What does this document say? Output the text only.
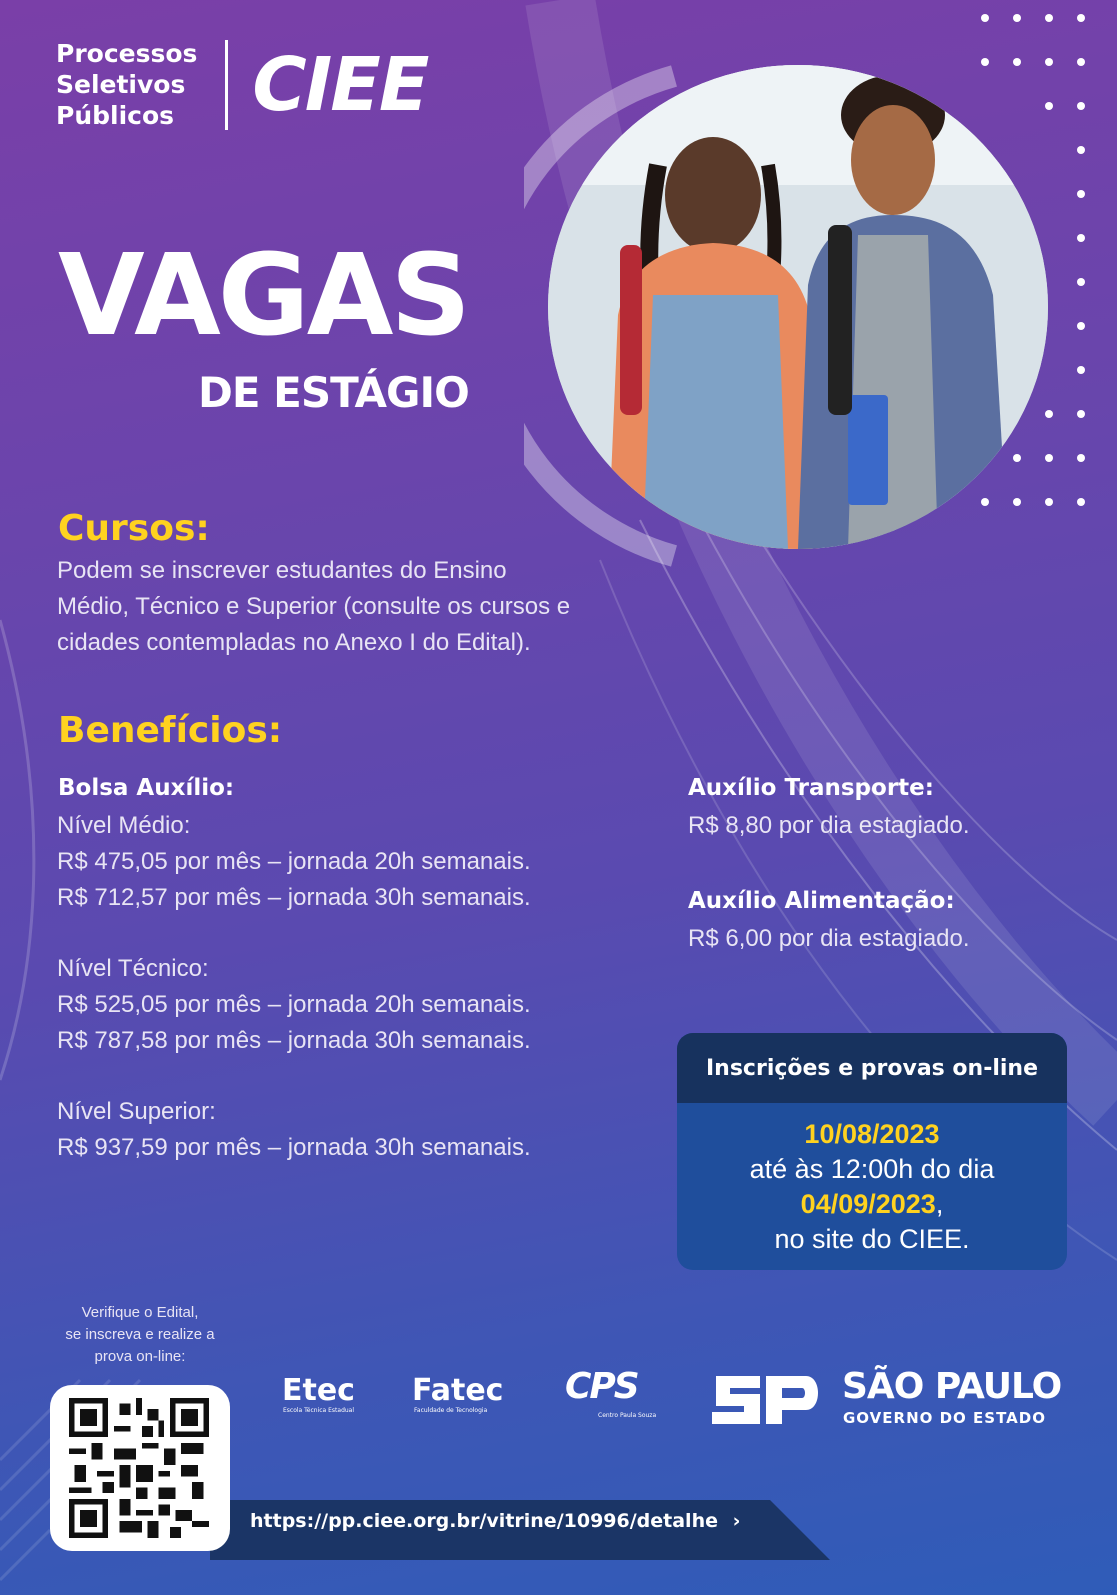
Processos
Seletivos
Públicos	CIEE
VAGAS
DE ESTÁGIO
Cursos:
Podem se inscrever estudantes do Ensino
Médio, Técnico e Superior (consulte os cursos e
cidades contempladas no Anexo I do Edital).
Benefícios:
Bolsa Auxílio:
Nível Médio:
R$ 475,05 por mês – jornada 20h semanais.
R$ 712,57 por mês – jornada 30h semanais.
Nível Técnico:
R$ 525,05 por mês – jornada 20h semanais.
R$ 787,58 por mês – jornada 30h semanais.
Nível Superior:
R$ 937,59 por mês – jornada 30h semanais.
Auxílio Transporte:
R$ 8,80 por dia estagiado.
Auxílio Alimentação:
R$ 6,00 por dia estagiado.
Inscrições e provas on-line
10/08/2023
até às 12:00h do dia
04/09/2023,
no site do CIEE.
Verifique o Edital,
se inscreva e realize a
prova on-line:
https://pp.ciee.org.br/vitrine/10996/detalhe ›
Etec
Escola Técnica Estadual
Fatec
Faculdade de Tecnologia
CPS
Centro Paula Souza
SÃO PAULO
GOVERNO DO ESTADO
